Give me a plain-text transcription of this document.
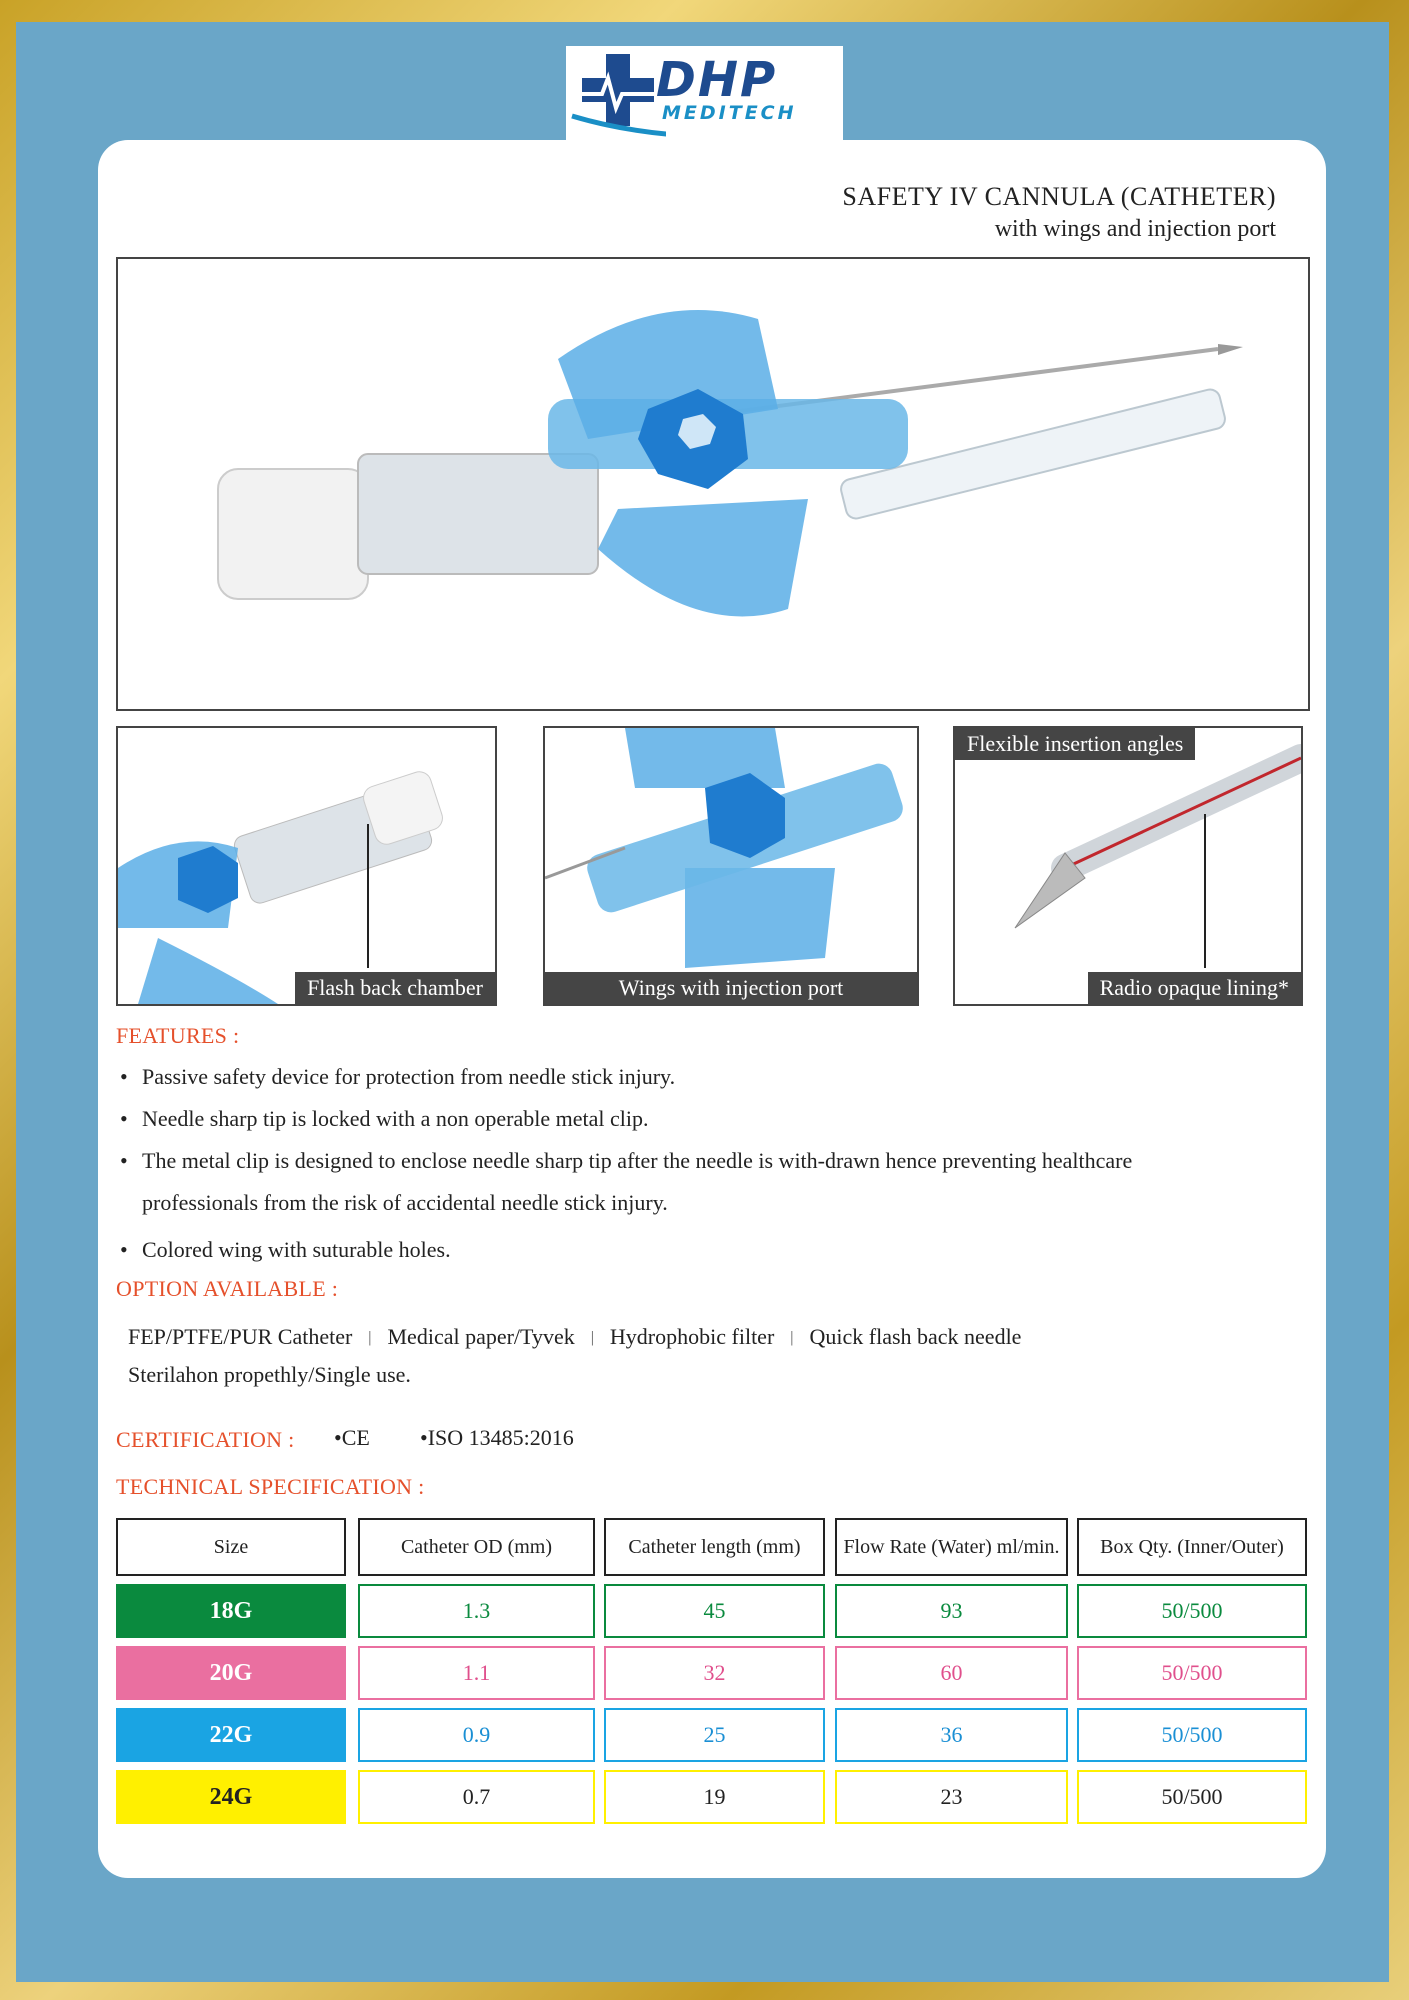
DHP
MEDITECH
SAFETY IV CANNULA (CATHETER)
with wings and injection port
Flash back chamber	Wings with injection port
Flexible insertion angles
Radio opaque lining*
FEATURES :
• Passive safety device for protection from needle stick injury.
• Needle sharp tip is locked with a non operable metal clip.
• The metal clip is designed to enclose needle sharp tip after the needle is with-drawn hence preventing healthcare professionals from the risk of accidental needle stick injury.
• Colored wing with suturable holes.
OPTION AVAILABLE :
FEP/PTFE/PUR Catheter | Medical paper/Tyvek | Hydrophobic filter | Quick flash back needle
Sterilahon propethly/Single use.
CERTIFICATION : •CE •ISO 13485:2016
TECHNICAL SPECIFICATION :
Size	Catheter OD (mm)	Catheter length (mm)	Flow Rate (Water) ml/min.	Box Qty. (Inner/Outer)
18G	1.3	45	93	50/500
20G	1.1	32	60	50/500
22G	0.9	25	36	50/500
24G	0.7	19	23	50/500
